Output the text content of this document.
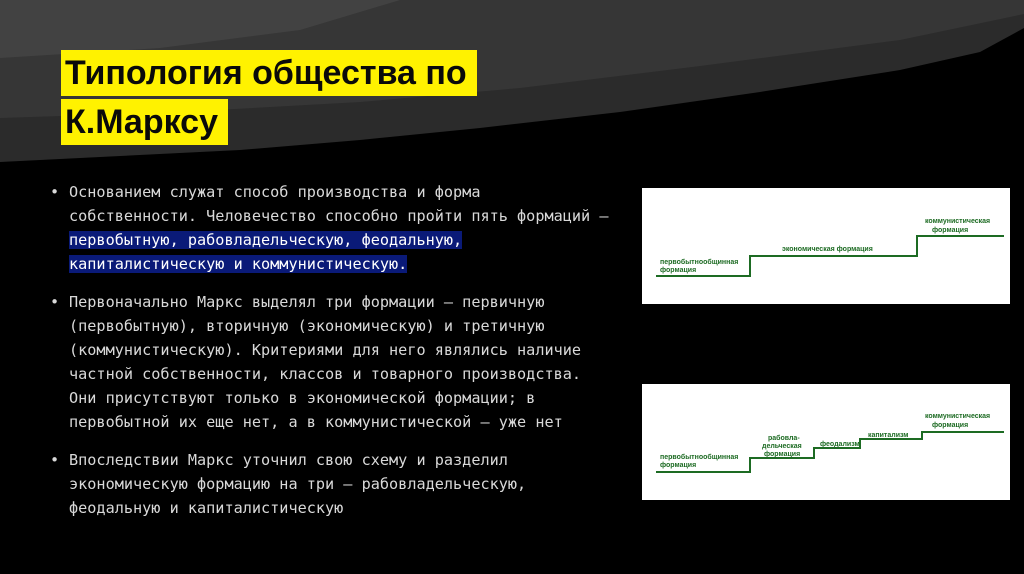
Типология общества по
К.Марксу
• Основанием служат способ производства и форма собственности. Человечество способно пройти пять формаций –первобытную, рабовладельческую, феодальную, капиталистическую и коммунистическую.
• Первоначально Маркс выделял три формации – первичную (первобытную), вторичную (экономическую) и третичную (коммунистическую). Критериями для него являлись наличие частной собственности, классов и товарного производства. Они присутствуют только в экономической формации; в первобытной их еще нет, а в коммунистической – уже нет
• Впоследствии Маркс уточнил свою схему и разделил экономическую формацию на три – рабовладельческую, феодальную и капиталистическую
первобытнообщинная
формация
экономическая формация
коммунистическая
формация
первобытнообщинная
формация
рабовла-
дельческая
формация
феодализм
капитализм
коммунистическая
формация
